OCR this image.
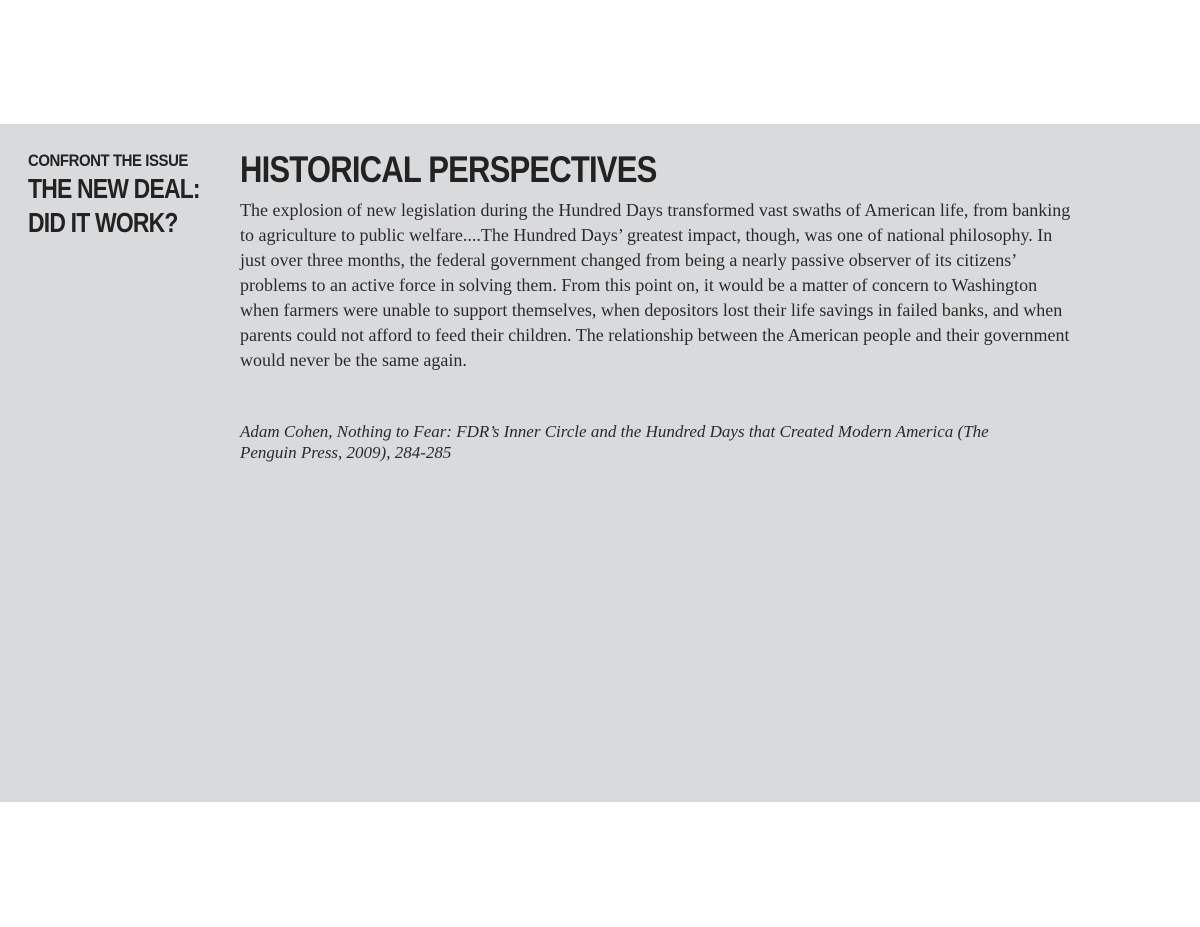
CONFRONT THE ISSUE
THE NEW DEAL:
DID IT WORK?
HISTORICAL PERSPECTIVES
The explosion of new legislation during the Hundred Days transformed vast swaths of American life, from banking to agriculture to public welfare....The Hundred Days’ greatest impact, though, was one of national philosophy. In just over three months, the federal government changed from being a nearly passive observer of its citizens’ problems to an active force in solving them. From this point on, it would be a matter of concern to Washington when farmers were unable to support themselves, when depositors lost their life savings in failed banks, and when parents could not afford to feed their children. The relationship between the American people and their government would never be the same again.
Adam Cohen, Nothing to Fear: FDR’s Inner Circle and the Hundred Days that Created Modern America (The Penguin Press, 2009), 284-285
